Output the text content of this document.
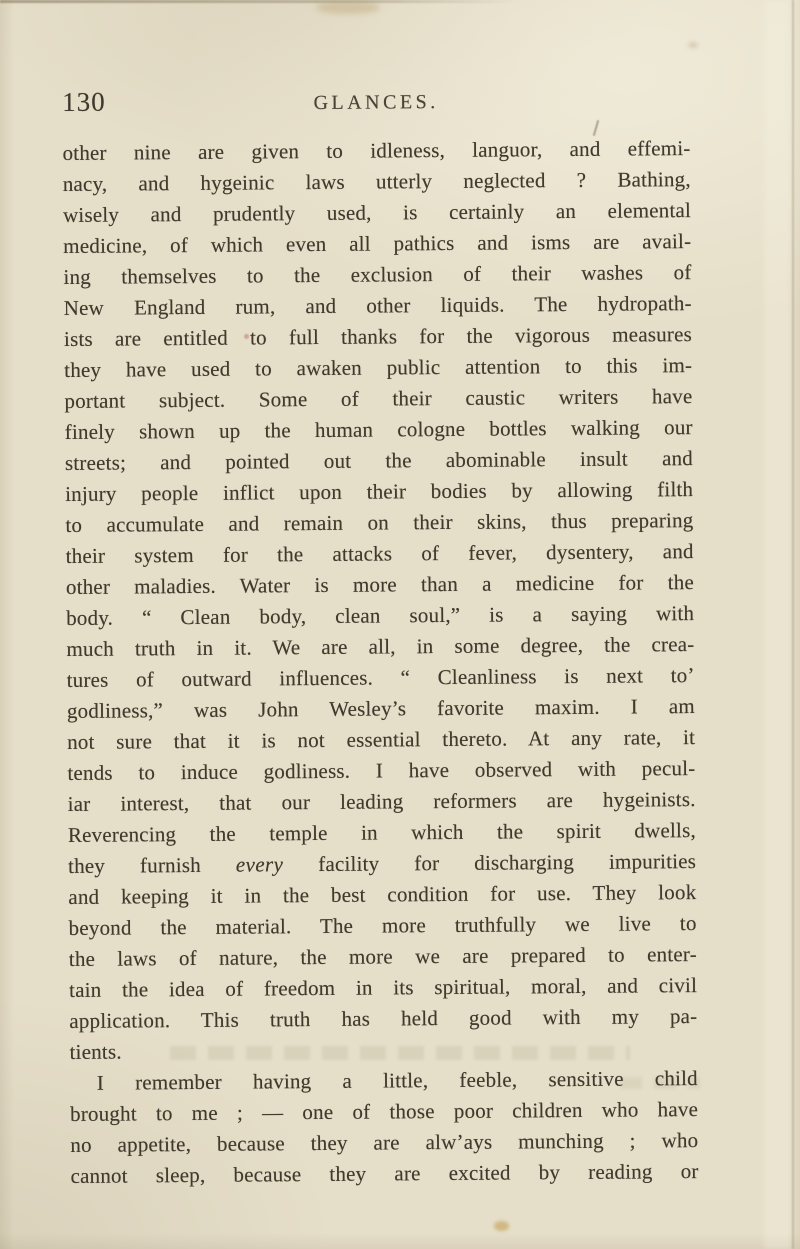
130	GLANCES.
other nine are given to idleness, languor, and effemi-
nacy, and hygeinic laws utterly neglected ? Bathing,
wisely and prudently used, is certainly an elemental
medicine, of which even all pathics and isms are avail-
ing themselves to the exclusion of their washes of
New England rum, and other liquids. The hydropath-
ists are entitled to full thanks for the vigorous measures
they have used to awaken public attention to this im-
portant subject. Some of their caustic writers have
finely shown up the human cologne bottles walking our
streets; and pointed out the abominable insult and
injury people inflict upon their bodies by allowing filth
to accumulate and remain on their skins, thus preparing
their system for the attacks of fever, dysentery, and
other maladies. Water is more than a medicine for the
body. “ Clean body, clean soul,” is a saying with
much truth in it. We are all, in some degree, the crea-
tures of outward influences. “ Cleanliness is next to’
godliness,” was John Wesley’s favorite maxim. I am
not sure that it is not essential thereto. At any rate, it
tends to induce godliness. I have observed with pecul-
iar interest, that our leading reformers are hygeinists.
Reverencing the temple in which the spirit dwells,
they furnish every facility for discharging impurities
and keeping it in the best condition for use. They look
beyond the material. The more truthfully we live to
the laws of nature, the more we are prepared to enter-
tain the idea of freedom in its spiritual, moral, and civil
application. This truth has held good with my pa-
tients.
I remember having a little, feeble, sensitive child
brought to me ; — one of those poor children who have
no appetite, because they are alw’ays munching ; who
cannot sleep, because they are excited by reading or
